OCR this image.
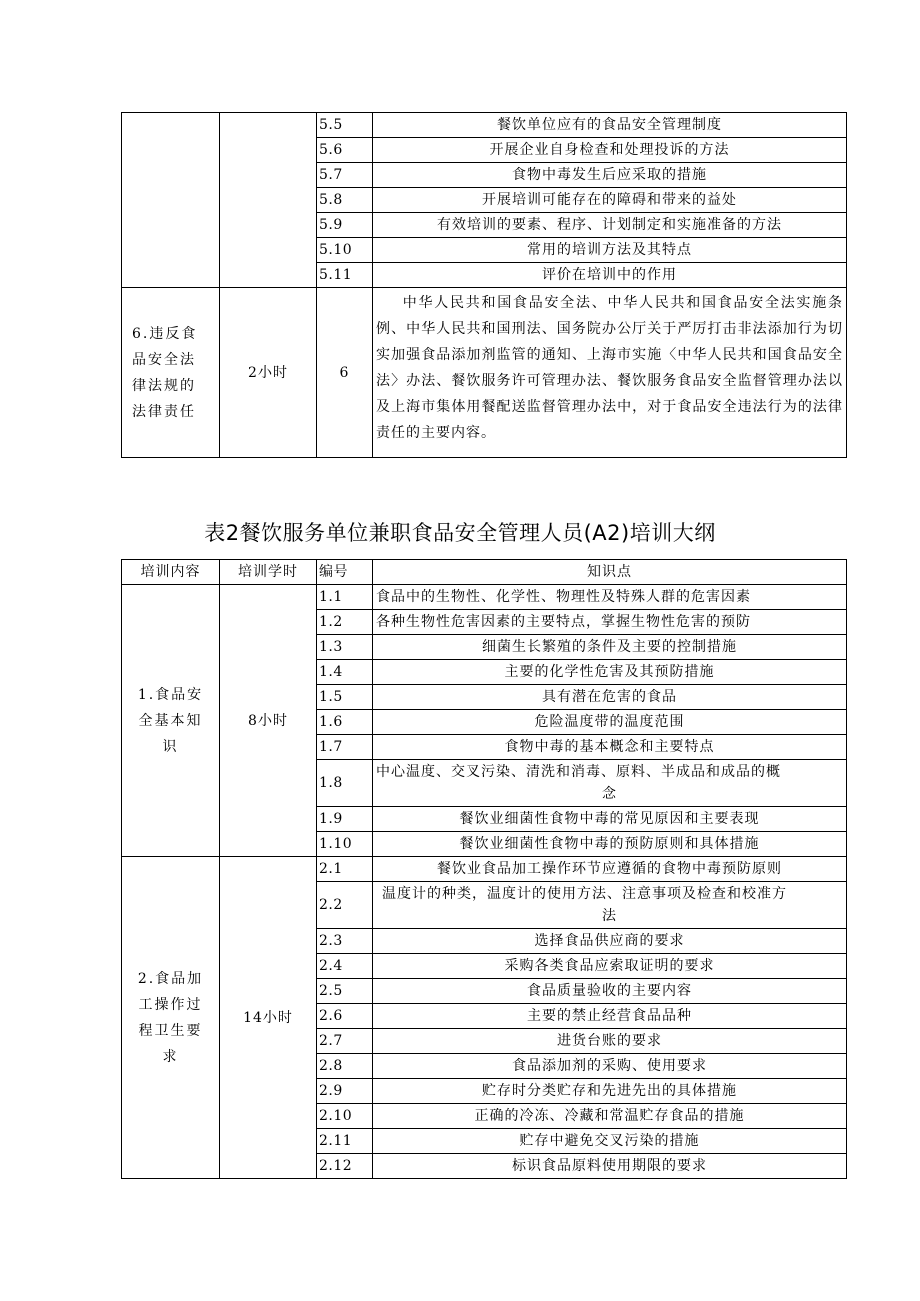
		5.5	餐饮单位应有的食品安全管理制度
		5.6	开展企业自身检查和处理投诉的方法
		5.7	食物中毒发生后应采取的措施
		5.8	开展培训可能存在的障碍和带来的益处
		5.9	有效培训的要素、程序、计划制定和实施准备的方法
		5.10	常用的培训方法及其特点
		5.11	评价在培训中的作用
6.违反食品安全法律法规的法律责任	2小时	6	中华人民共和国食品安全法、中华人民共和国食品安全法实施条例、中华人民共和国刑法、国务院办公厅关于严厉打击非法添加行为切实加强食品添加剂监管的通知、上海市实施〈中华人民共和国食品安全法〉办法、餐饮服务许可管理办法、餐饮服务食品安全监督管理办法以及上海市集体用餐配送监督管理办法中，对于食品安全违法行为的法律责任的主要内容。
表2餐饮服务单位兼职食品安全管理人员(A2)培训大纲
培训内容	培训学时	编号	知识点
1.食品安全基本知识	8小时	1.1	食品中的生物性、化学性、物理性及特殊人群的危害因素
		1.2	各种生物性危害因素的主要特点，掌握生物性危害的预防
		1.3	细菌生长繁殖的条件及主要的控制措施
		1.4	主要的化学性危害及其预防措施
		1.5	具有潜在危害的食品
		1.6	危险温度带的温度范围
		1.7	食物中毒的基本概念和主要特点
		1.8	中心温度、交叉污染、清洗和消毒、原料、半成品和成品的概
念

		1.9	餐饮业细菌性食物中毒的常见原因和主要表现
		1.10	餐饮业细菌性食物中毒的预防原则和具体措施
2.食品加工操作过程卫生要求	14小时	2.1	餐饮业食品加工操作环节应遵循的食物中毒预防原则
		2.2	温度计的种类，温度计的使用方法、注意事项及检查和校准方
法

		2.3	选择食品供应商的要求
		2.4	采购各类食品应索取证明的要求
		2.5	食品质量验收的主要内容
		2.6	主要的禁止经营食品品种
		2.7	进货台账的要求
		2.8	食品添加剂的采购、使用要求
		2.9	贮存时分类贮存和先进先出的具体措施
		2.10	正确的冷冻、冷藏和常温贮存食品的措施
		2.11	贮存中避免交叉污染的措施
		2.12	标识食品原料使用期限的要求
